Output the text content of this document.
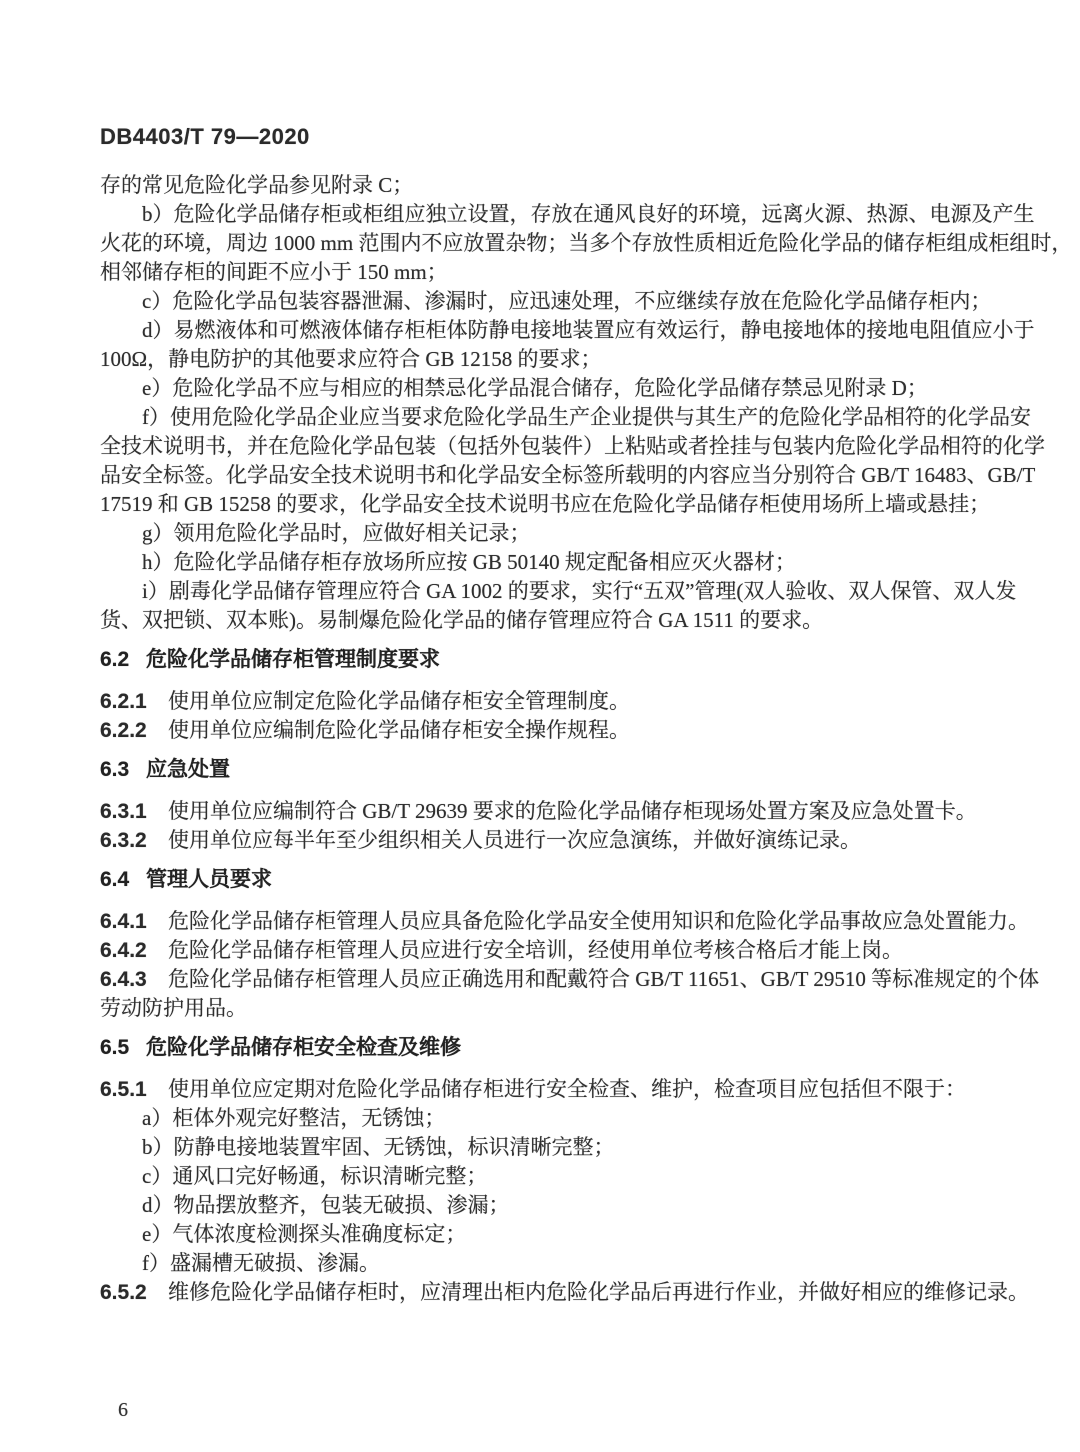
DB4403/T 79—2020
存的常见危险化学品参见附录 C；
b）危险化学品储存柜或柜组应独立设置，存放在通风良好的环境，远离火源、热源、电源及产生
火花的环境，周边 1000 mm 范围内不应放置杂物；当多个存放性质相近危险化学品的储存柜组成柜组时，
相邻储存柜的间距不应小于 150 mm；
c）危险化学品包装容器泄漏、渗漏时，应迅速处理，不应继续存放在危险化学品储存柜内；
d）易燃液体和可燃液体储存柜柜体防静电接地装置应有效运行，静电接地体的接地电阻值应小于
100Ω，静电防护的其他要求应符合 GB 12158 的要求；
e）危险化学品不应与相应的相禁忌化学品混合储存，危险化学品储存禁忌见附录 D；
f）使用危险化学品企业应当要求危险化学品生产企业提供与其生产的危险化学品相符的化学品安
全技术说明书，并在危险化学品包装（包括外包装件）上粘贴或者拴挂与包装内危险化学品相符的化学
品安全标签。化学品安全技术说明书和化学品安全标签所载明的内容应当分别符合 GB/T 16483、GB/T
17519 和 GB 15258 的要求，化学品安全技术说明书应在危险化学品储存柜使用场所上墙或悬挂；
g）领用危险化学品时，应做好相关记录；
h）危险化学品储存柜存放场所应按 GB 50140 规定配备相应灭火器材；
i）剧毒化学品储存管理应符合 GA 1002 的要求，实行“五双”管理(双人验收、双人保管、双人发
货、双把锁、双本账)。易制爆危险化学品的储存管理应符合 GA 1511 的要求。
6.2 危险化学品储存柜管理制度要求
6.2.1 使用单位应制定危险化学品储存柜安全管理制度。
6.2.2 使用单位应编制危险化学品储存柜安全操作规程。
6.3 应急处置
6.3.1 使用单位应编制符合 GB/T 29639 要求的危险化学品储存柜现场处置方案及应急处置卡。
6.3.2 使用单位应每半年至少组织相关人员进行一次应急演练，并做好演练记录。
6.4 管理人员要求
6.4.1 危险化学品储存柜管理人员应具备危险化学品安全使用知识和危险化学品事故应急处置能力。
6.4.2 危险化学品储存柜管理人员应进行安全培训，经使用单位考核合格后才能上岗。
6.4.3 危险化学品储存柜管理人员应正确选用和配戴符合 GB/T 11651、GB/T 29510 等标准规定的个体
劳动防护用品。
6.5 危险化学品储存柜安全检查及维修
6.5.1 使用单位应定期对危险化学品储存柜进行安全检查、维护，检查项目应包括但不限于：
a）柜体外观完好整洁，无锈蚀；
b）防静电接地装置牢固、无锈蚀，标识清晰完整；
c）通风口完好畅通，标识清晰完整；
d）物品摆放整齐，包装无破损、渗漏；
e）气体浓度检测探头准确度标定；
f）盛漏槽无破损、渗漏。
6.5.2 维修危险化学品储存柜时，应清理出柜内危险化学品后再进行作业，并做好相应的维修记录。
6
